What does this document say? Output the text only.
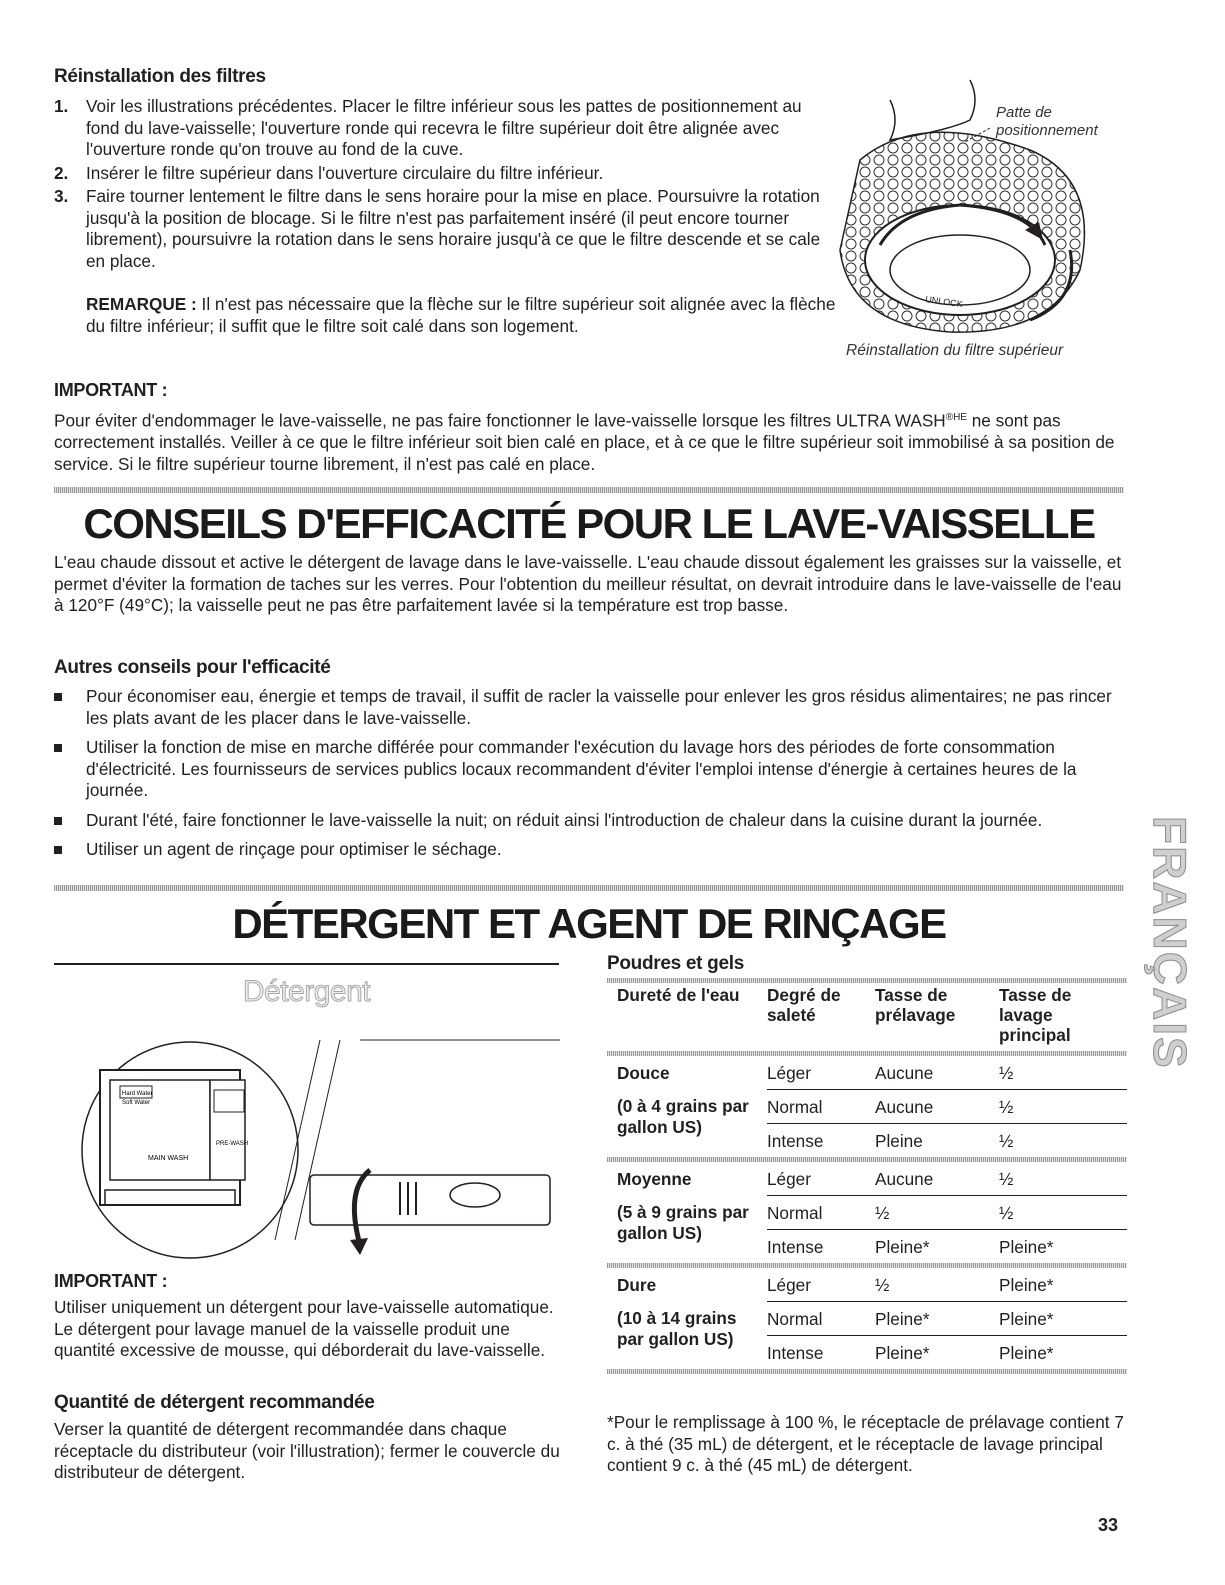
Réinstallation des filtres
1. Voir les illustrations précédentes. Placer le filtre inférieur sous les pattes de positionnement au fond du lave-vaisselle; l'ouverture ronde qui recevra le filtre supérieur doit être alignée avec l'ouverture ronde qu'on trouve au fond de la cuve.
2. Insérer le filtre supérieur dans l'ouverture circulaire du filtre inférieur.
3. Faire tourner lentement le filtre dans le sens horaire pour la mise en place. Poursuivre la rotation jusqu'à la position de blocage. Si le filtre n'est pas parfaitement inséré (il peut encore tourner librement), poursuivre la rotation dans le sens horaire jusqu'à ce que le filtre descende et se cale en place.
REMARQUE : Il n'est pas nécessaire que la flèche sur le filtre supérieur soit alignée avec la flèche du filtre inférieur; il suffit que le filtre soit calé dans son logement.
UNLOCK
Patte de positionnement
Réinstallation du filtre supérieur
IMPORTANT :
Pour éviter d'endommager le lave-vaisselle, ne pas faire fonctionner le lave-vaisselle lorsque les filtres ULTRA $WASH^{®HE}$ ne sont pas correctement installés. Veiller à ce que le filtre inférieur soit bien calé en place, et à ce que le filtre supérieur soit immobilisé à sa position de service. Si le filtre supérieur tourne librement, il n'est pas calé en place.
CONSEILS D'EFFICACITÉ POUR LE LAVE-VAISSELLE
L'eau chaude dissout et active le détergent de lavage dans le lave-vaisselle. L'eau chaude dissout également les graisses sur la vaisselle, et permet d'éviter la formation de taches sur les verres. Pour l'obtention du meilleur résultat, on devrait introduire dans le lave-vaisselle de l'eau à 120°F (49°C); la vaisselle peut ne pas être parfaitement lavée si la température est trop basse.
Autres conseils pour l'efficacité
Pour économiser eau, énergie et temps de travail, il suffit de racler la vaisselle pour enlever les gros résidus alimentaires; ne pas rincer les plats avant de les placer dans le lave-vaisselle.
Utiliser la fonction de mise en marche différée pour commander l'exécution du lavage hors des périodes de forte consommation d'électricité. Les fournisseurs de services publics locaux recommandent d'éviter l'emploi intense d'énergie à certaines heures de la journée.
Durant l'été, faire fonctionner le lave-vaisselle la nuit; on réduit ainsi l'introduction de chaleur dans la cuisine durant la journée.
Utiliser un agent de rinçage pour optimiser le séchage.
DÉTERGENT ET AGENT DE RINÇAGE
Détergent
Hard Water
Soft Water
MAIN WASH
PRE-WASH
IMPORTANT :
Utiliser uniquement un détergent pour lave-vaisselle automatique. Le détergent pour lavage manuel de la vaisselle produit une quantité excessive de mousse, qui déborderait du lave-vaisselle.
Quantité de détergent recommandée
Verser la quantité de détergent recommandée dans chaque réceptacle du distributeur (voir l'illustration); fermer le couvercle du distributeur de détergent.
Poudres et gels

Dureté de l'eau	Degré de saleté	Tasse de prélavage	Tasse de lavage principal

Douce	Léger	Aucune	½
(0 à 4 grains par gallon US)	Normal	Aucune	½
	Intense	Pleine	½

Moyenne	Léger	Aucune	½
(5 à 9 grains par gallon US)	Normal	½	½
	Intense	Pleine*	Pleine*

Dure	Léger	½	Pleine*
(10 à 14 grains par gallon US)	Normal	Pleine*	Pleine*
	Intense	Pleine*	Pleine*

*Pour le remplissage à 100 %, le réceptacle de prélavage contient 7 c. à thé (35 mL) de détergent, et le réceptacle de lavage principal contient 9 c. à thé (45 mL) de détergent.
FRANÇAIS
33
